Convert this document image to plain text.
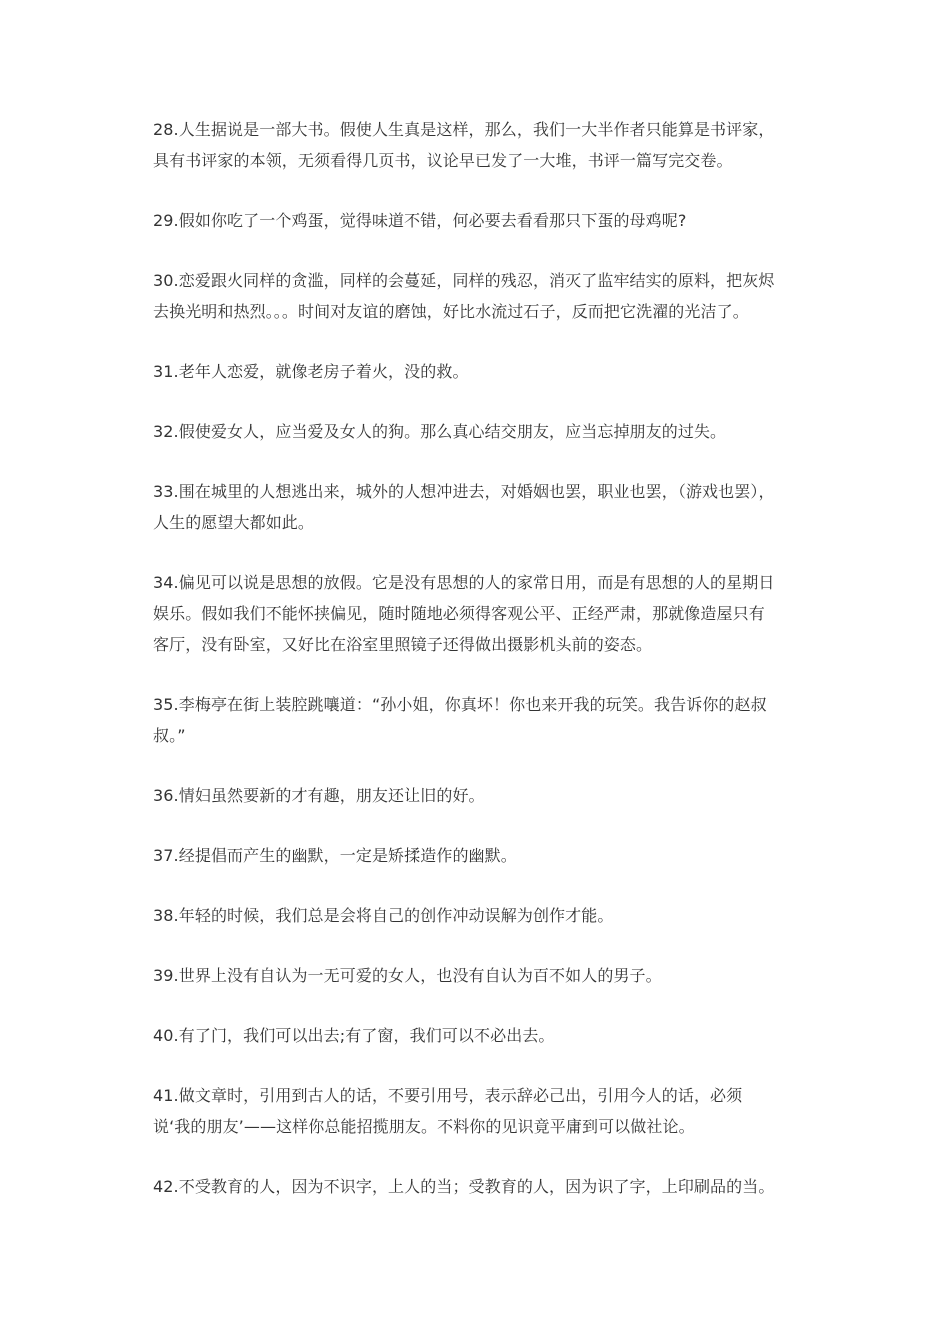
28.人生据说是一部大书。假使人生真是这样，那么，我们一大半作者只能算是书评家，
具有书评家的本领，无须看得几页书，议论早已发了一大堆，书评一篇写完交卷。

29.假如你吃了一个鸡蛋，觉得味道不错，何必要去看看那只下蛋的母鸡呢?

30.恋爱跟火同样的贪滥，同样的会蔓延，同样的残忍，消灭了监牢结实的原料，把灰烬
去换光明和热烈。。。时间对友谊的磨蚀，好比水流过石子，反而把它洗濯的光洁了。

31.老年人恋爱，就像老房子着火，没的救。

32.假使爱女人，应当爱及女人的狗。那么真心结交朋友，应当忘掉朋友的过失。

33.围在城里的人想逃出来，城外的人想冲进去，对婚姻也罢，职业也罢，（游戏也罢），
人生的愿望大都如此。

34.偏见可以说是思想的放假。它是没有思想的人的家常日用，而是有思想的人的星期日
娱乐。假如我们不能怀挟偏见，随时随地必须得客观公平、正经严肃，那就像造屋只有
客厅，没有卧室，又好比在浴室里照镜子还得做出摄影机头前的姿态。

35.李梅亭在街上装腔跳嚷道：“孙小姐，你真坏！你也来开我的玩笑。我告诉你的赵叔
叔。”

36.情妇虽然要新的才有趣，朋友还让旧的好。

37.经提倡而产生的幽默，一定是矫揉造作的幽默。

38.年轻的时候，我们总是会将自己的创作冲动误解为创作才能。

39.世界上没有自认为一无可爱的女人，也没有自认为百不如人的男子。

40.有了门，我们可以出去;有了窗，我们可以不必出去。

41.做文章时，引用到古人的话，不要引用号，表示辞必己出，引用今人的话，必须
说‘我的朋友’——这样你总能招揽朋友。不料你的见识竟平庸到可以做社论。

42.不受教育的人，因为不识字，上人的当；受教育的人，因为识了字，上印刷品的当。
